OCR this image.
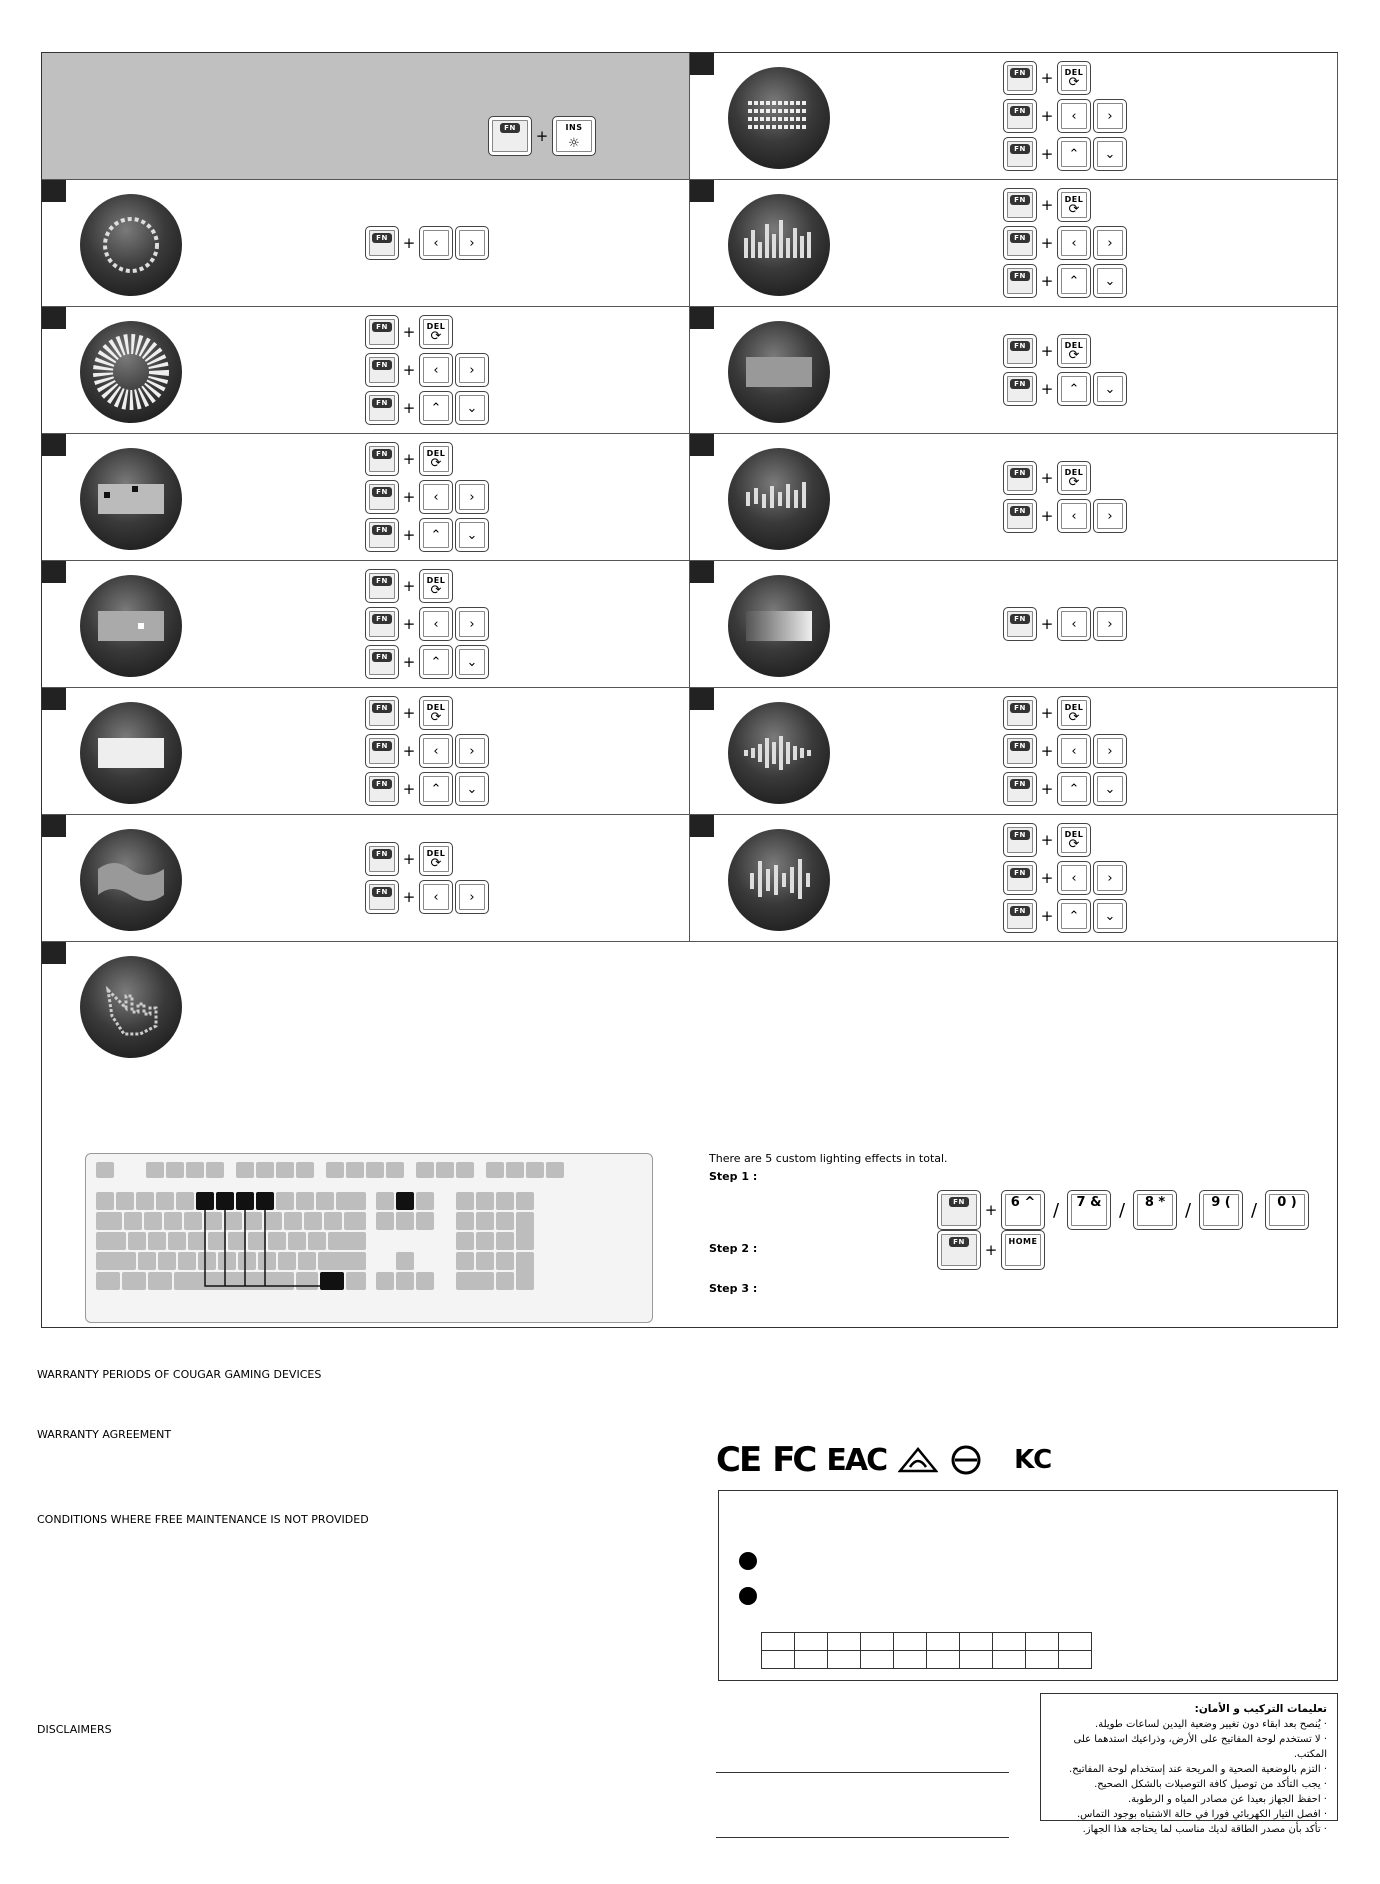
FN +	INS
☼
FN +	DEL
⟳
FN +	‹	›
FN +	⌃	⌄
FN +	‹	›
FN +	DEL
⟳
FN +	‹	›
FN +	⌃	⌄
FN +	DEL
⟳
FN +	‹	›
FN +	⌃	⌄
FN +	DEL
⟳
FN +	⌃	⌄
FN +	DEL
⟳
FN +	‹	›
FN +	⌃	⌄
FN +	DEL
⟳
FN +	‹	›
FN +	DEL
⟳
FN +	‹	›
FN +	⌃	⌄
FN +	‹	›
FN +	DEL
⟳
FN +	‹	›
FN +	⌃	⌄
FN +	DEL
⟳
FN +	‹	›
FN +	⌃	⌄
FN +	DEL
⟳
FN +	‹	›
FN +	DEL
⟳
FN +	‹	›
FN +	⌃	⌄
There are 5 custom lighting effects in total.
Step 1 :
FN + 6 ^ /	7 & /	8 *	/	9 (	/	0 )
Step 2 :	FN +	HOME
Step 3 :
WARRANTY PERIODS OF COUGAR GAMING DEVICES
WARRANTY AGREEMENT
CONDITIONS WHERE FREE MAINTENANCE IS NOT PROVIDED
DISCLAIMERS
CE FC EAC	KC

تعليمات التركيب و الأمان:
· يُنصح بعد ابقاء دون تغيير وضعية اليدين لساعات طويلة.
· لا تستخدم لوحة المفاتيح على الأرض، وذراعيك استدهما على المكتب.
· التزم بالوضعية الصحية و المريحة عند إستخدام لوحة المفاتيح.
· يجب التأكد من توصيل كافة التوصيلات بالشكل الصحيح.
· احفظ الجهاز بعيدا عن مصادر المياه و الرطوبة.
· افصل التيار الكهربائي فورا في حالة الاشتباه بوجود التماس.
· تأكد بأن مصدر الطاقة لديك مناسب لما يحتاجه هذا الجهاز.
